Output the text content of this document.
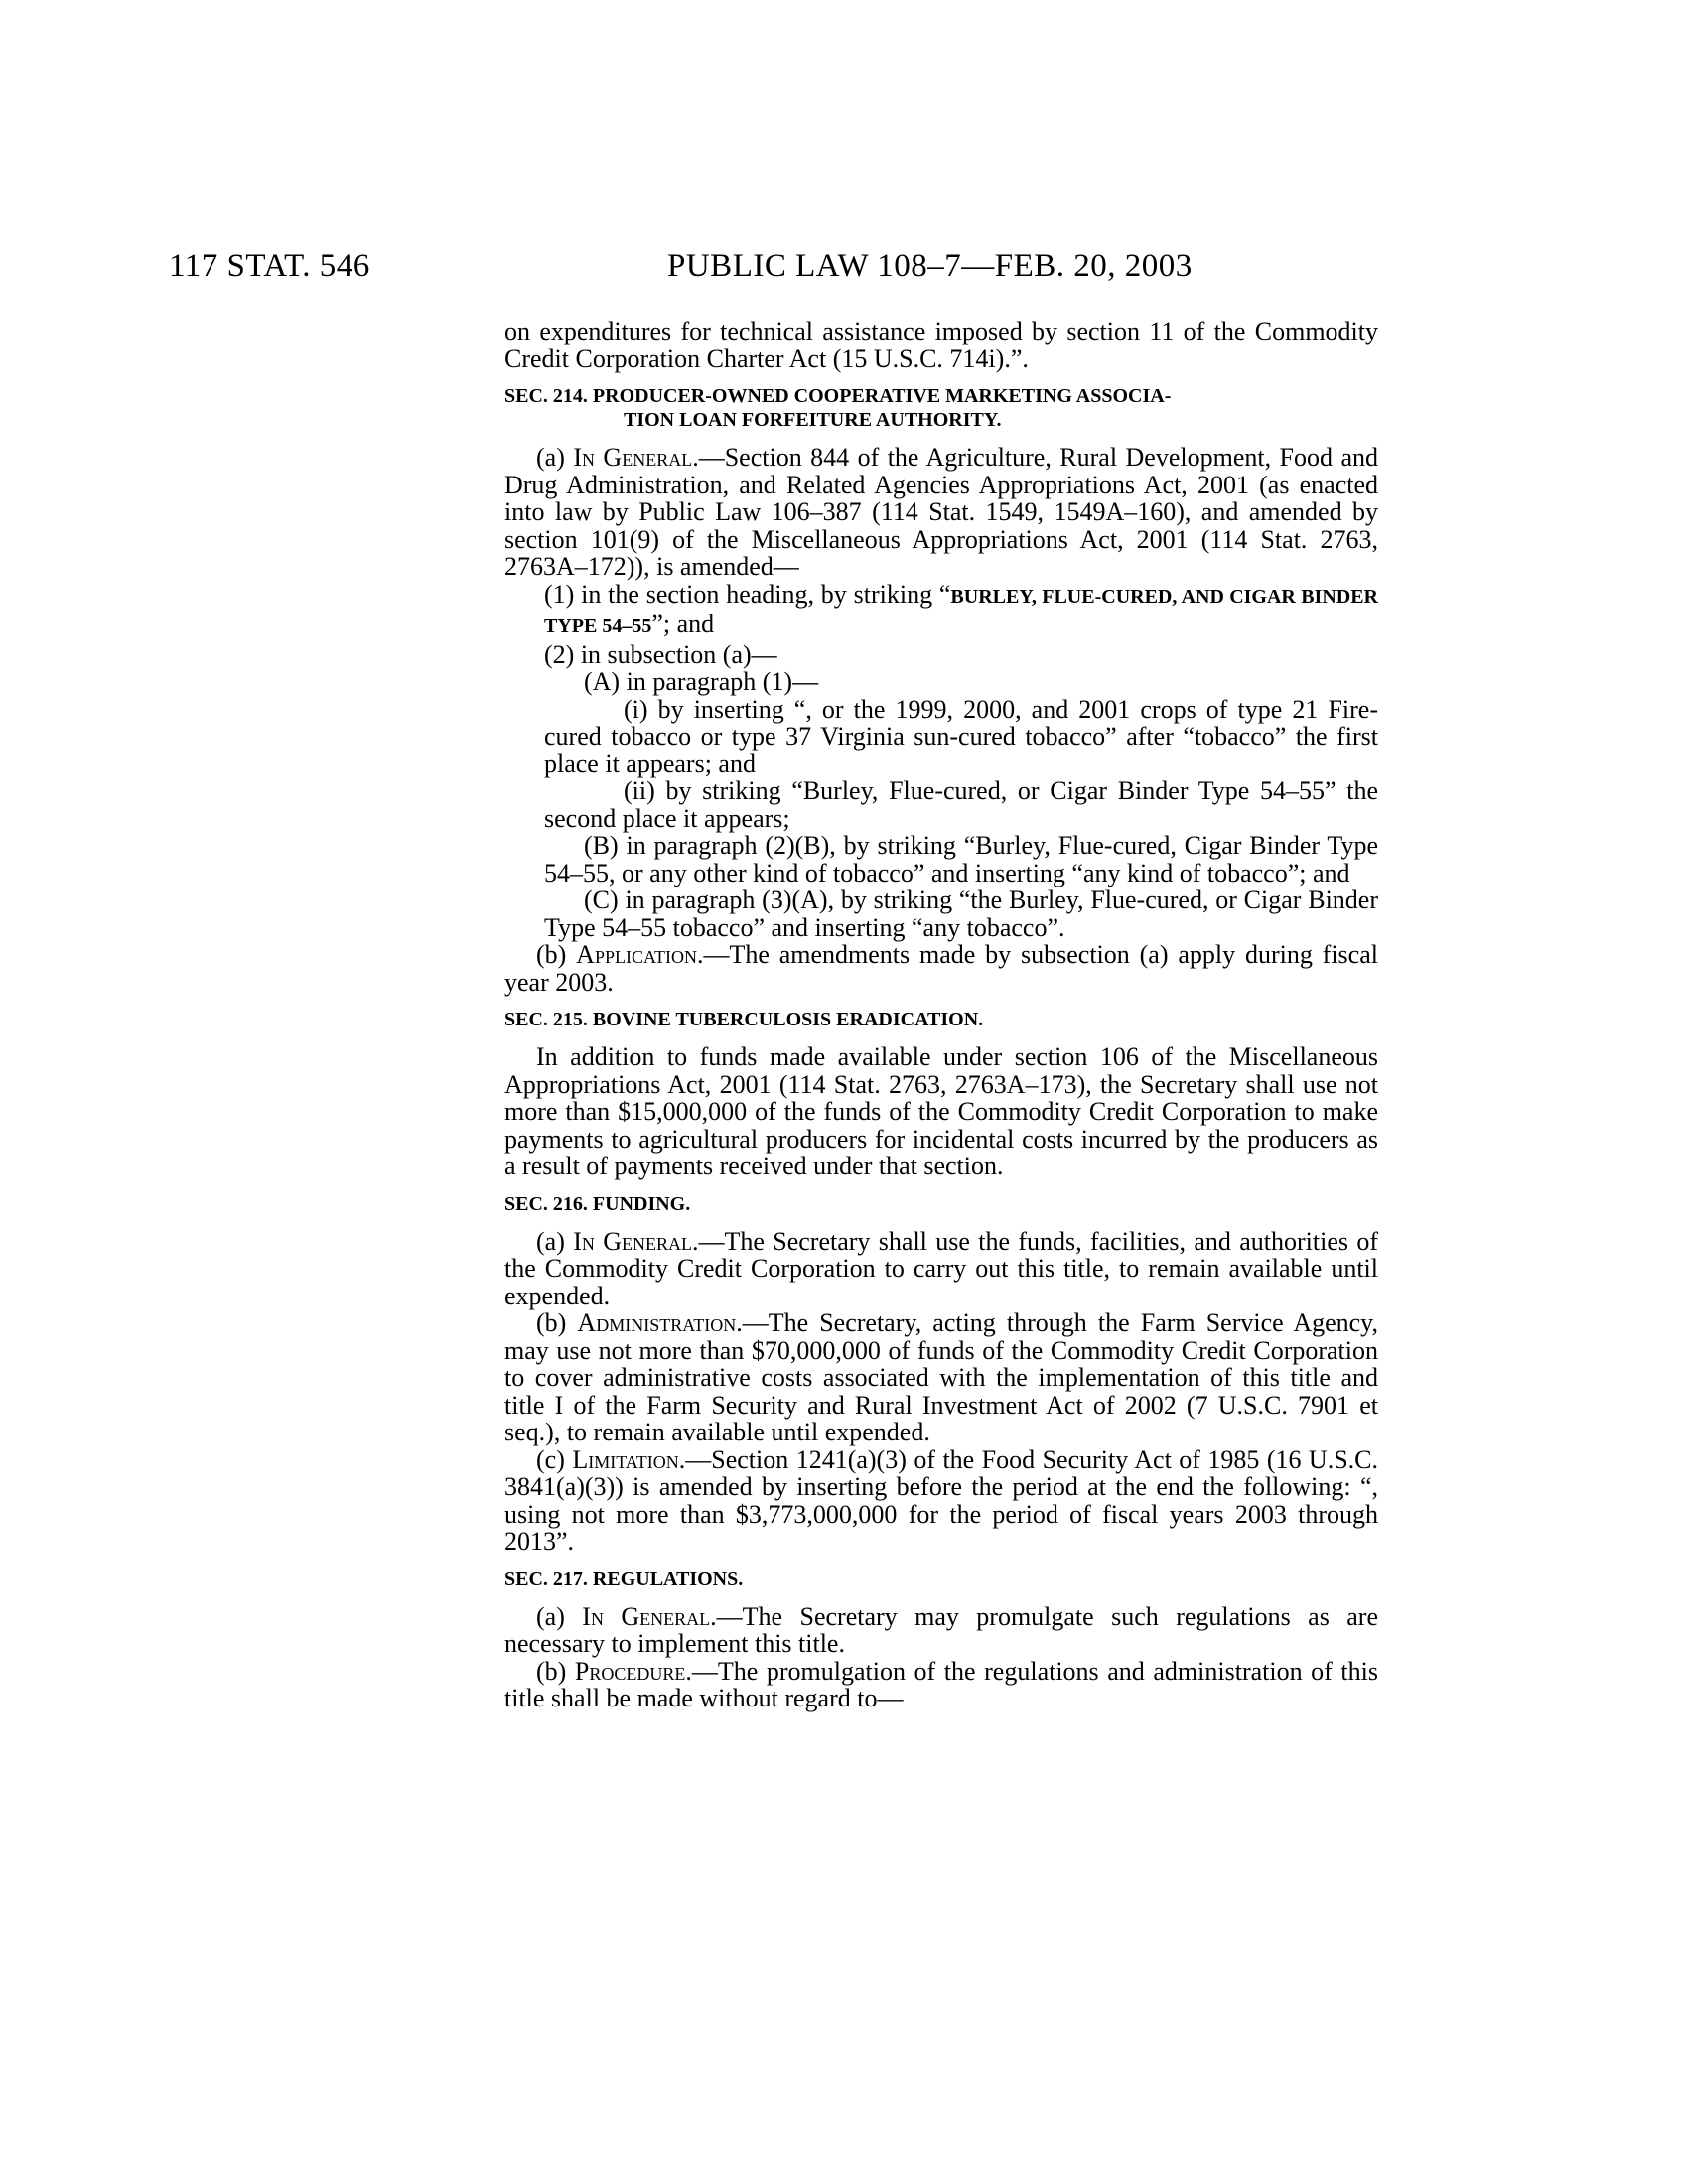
117 STAT. 546	PUBLIC LAW 108–7—FEB. 20, 2003

on expenditures for technical assistance imposed by section 11 of the Commodity Credit Corporation Charter Act (15 U.S.C. 714i).”.

SEC. 214. PRODUCER-OWNED COOPERATIVE MARKETING ASSOCIA-
TION LOAN FORFEITURE AUTHORITY.

(a) In General.—Section 844 of the Agriculture, Rural Development, Food and Drug Administration, and Related Agencies Appropriations Act, 2001 (as enacted into law by Public Law 106–387 (114 Stat. 1549, 1549A–160), and amended by section 101(9) of the Miscellaneous Appropriations Act, 2001 (114 Stat. 2763, 2763A–172)), is amended—

(1) in the section heading, by striking “BURLEY, FLUE-CURED, AND CIGAR BINDER TYPE 54–55”; and

(2) in subsection (a)—

(A) in paragraph (1)—

(i) by inserting “, or the 1999, 2000, and 2001 crops of type 21 Fire-cured tobacco or type 37 Virginia sun-cured tobacco” after “tobacco” the first place it appears; and

(ii) by striking “Burley, Flue-cured, or Cigar Binder Type 54–55” the second place it appears;

(B) in paragraph (2)(B), by striking “Burley, Flue-cured, Cigar Binder Type 54–55, or any other kind of tobacco” and inserting “any kind of tobacco”; and

(C) in paragraph (3)(A), by striking “the Burley, Flue-cured, or Cigar Binder Type 54–55 tobacco” and inserting “any tobacco”.

(b) Application.—The amendments made by subsection (a) apply during fiscal year 2003.

SEC. 215. BOVINE TUBERCULOSIS ERADICATION.

In addition to funds made available under section 106 of the Miscellaneous Appropriations Act, 2001 (114 Stat. 2763, 2763A–173), the Secretary shall use not more than $15,000,000 of the funds of the Commodity Credit Corporation to make payments to agricultural producers for incidental costs incurred by the producers as a result of payments received under that section.

SEC. 216. FUNDING.

(a) In General.—The Secretary shall use the funds, facilities, and authorities of the Commodity Credit Corporation to carry out this title, to remain available until expended.

(b) Administration.—The Secretary, acting through the Farm Service Agency, may use not more than $70,000,000 of funds of the Commodity Credit Corporation to cover administrative costs associated with the implementation of this title and title I of the Farm Security and Rural Investment Act of 2002 (7 U.S.C. 7901 et seq.), to remain available until expended.

(c) Limitation.—Section 1241(a)(3) of the Food Security Act of 1985 (16 U.S.C. 3841(a)(3)) is amended by inserting before the period at the end the following: “, using not more than $3,773,000,000 for the period of fiscal years 2003 through 2013”.

SEC. 217. REGULATIONS.

(a) In General.—The Secretary may promulgate such regulations as are necessary to implement this title.

(b) Procedure.—The promulgation of the regulations and administration of this title shall be made without regard to—
